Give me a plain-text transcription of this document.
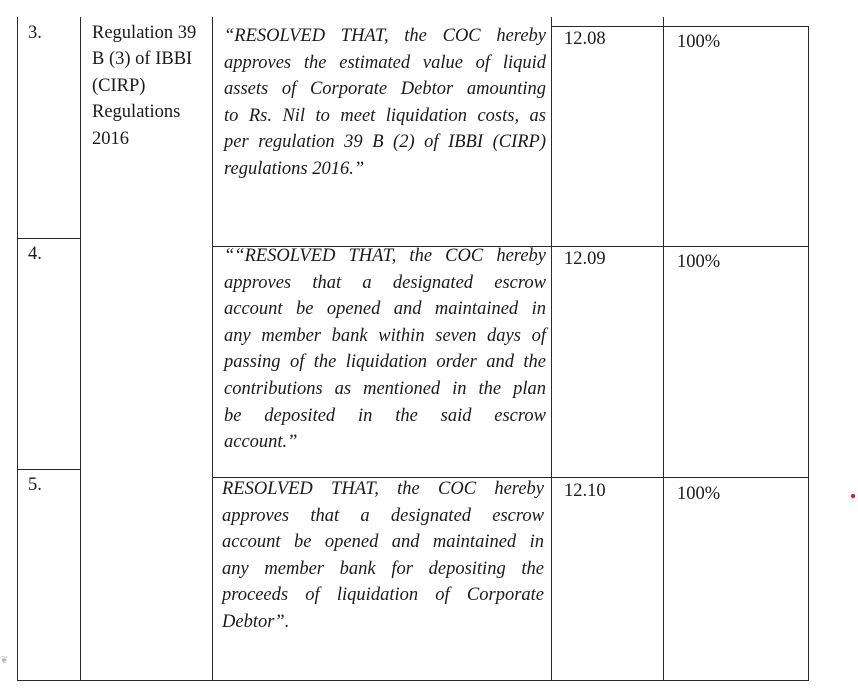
3.	Regulation 39
B (3) of IBBI
(CIRP)
Regulations
2016
“RESOLVED THAT, the COC hereby
approves the estimated value of liquid
assets of Corporate Debtor amounting
to Rs. Nil to meet liquidation costs, as
per regulation 39 B (2) of IBBI (CIRP)
regulations 2016.”
12.08	100%
4.	““RESOLVED THAT, the COC hereby
approves that a designated escrow
account be opened and maintained in
any member bank within seven days of
passing of the liquidation order and the
contributions as mentioned in the plan
be deposited in the said escrow
account.”
12.09	100%
5.	RESOLVED THAT, the COC hereby
approves that a designated escrow
account be opened and maintained in
any member bank for depositing the
proceeds of liquidation of Corporate
Debtor”.
12.10	100%
❦
